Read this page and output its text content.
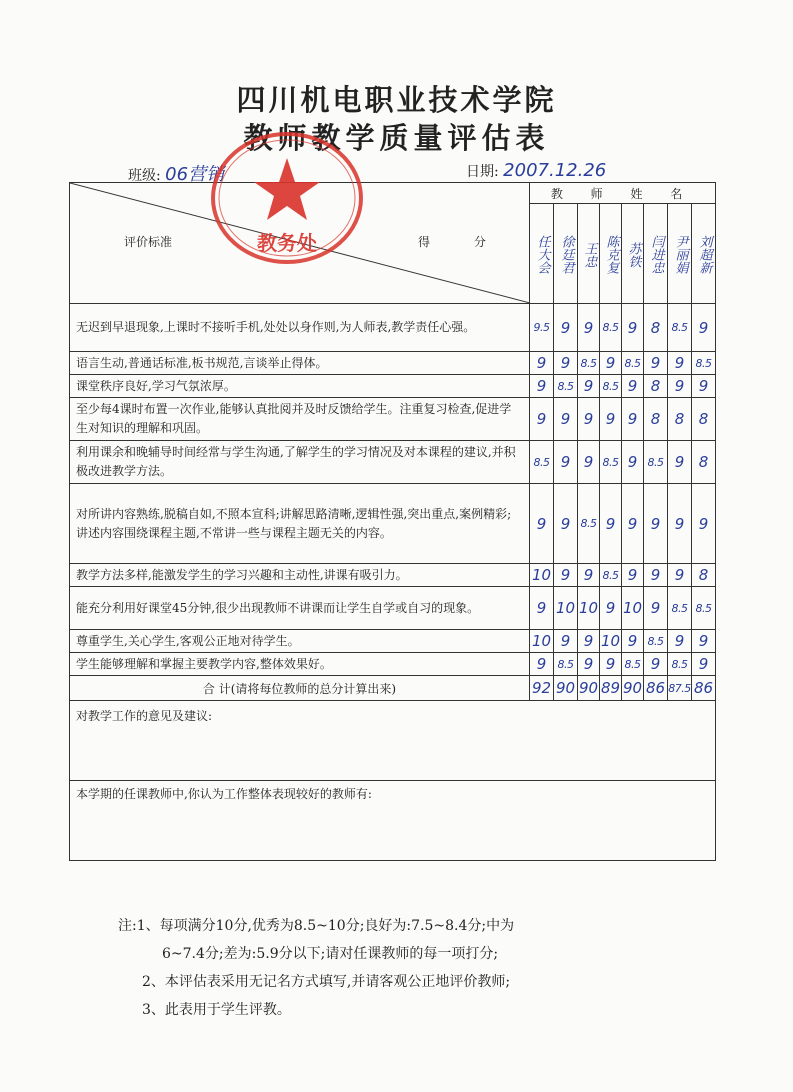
四川机电职业技术学院
教师教学质量评估表
班级: 06营销	日期: 2007.12.26
评价标准 得 分	教 师 姓 名							
	任大会	徐廷君	王忠	陈克复	苏铁	闫进忠	尹丽娟	刘超新
无迟到早退现象,上课时不接听手机,处处以身作则,为人师表,教学责任心强。	9.5	9	9	8.5	9	8	8.5	9
语言生动,普通话标准,板书规范,言谈举止得体。	9	9	8.5	9	8.5	9	9	8.5
课堂秩序良好,学习气氛浓厚。	9	8.5	9	8.5	9	8	9	9
至少每4课时布置一次作业,能够认真批阅并及时反馈给学生。注重复习检查,促进学生对知识的理解和巩固。	9	9	9	9	9	8	8	8
利用课余和晚辅导时间经常与学生沟通,了解学生的学习情况及对本课程的建议,并积极改进教学方法。	8.5	9	9	8.5	9	8.5	9	8
对所讲内容熟练,脱稿自如,不照本宣科;讲解思路清晰,逻辑性强,突出重点,案例精彩;讲述内容围绕课程主题,不常讲一些与课程主题无关的内容。	9	9	8.5	9	9	9	9	9
教学方法多样,能激发学生的学习兴趣和主动性,讲课有吸引力。	10	9	9	8.5	9	9	9	8
能充分利用好课堂45分钟,很少出现教师不讲课而让学生自学或自习的现象。	9	10	10	9	10	9	8.5	8.5
尊重学生,关心学生,客观公正地对待学生。	10	9	9	10	9	8.5	9	9
学生能够理解和掌握主要教学内容,整体效果好。	9	8.5	9	9	8.5	9	8.5	9
合 计(请将每位教师的总分计算出来)	92	90	90	89	90	86	87.5	86
对教学工作的意见及建议:								
本学期的任课教师中,你认为工作整体表现较好的教师有:								
教务处
注:1、每项满分10分,优秀为8.5~10分;良好为:7.5~8.4分;中为
6~7.4分;差为:5.9分以下;请对任课教师的每一项打分;
2、本评估表采用无记名方式填写,并请客观公正地评价教师;
3、此表用于学生评教。
